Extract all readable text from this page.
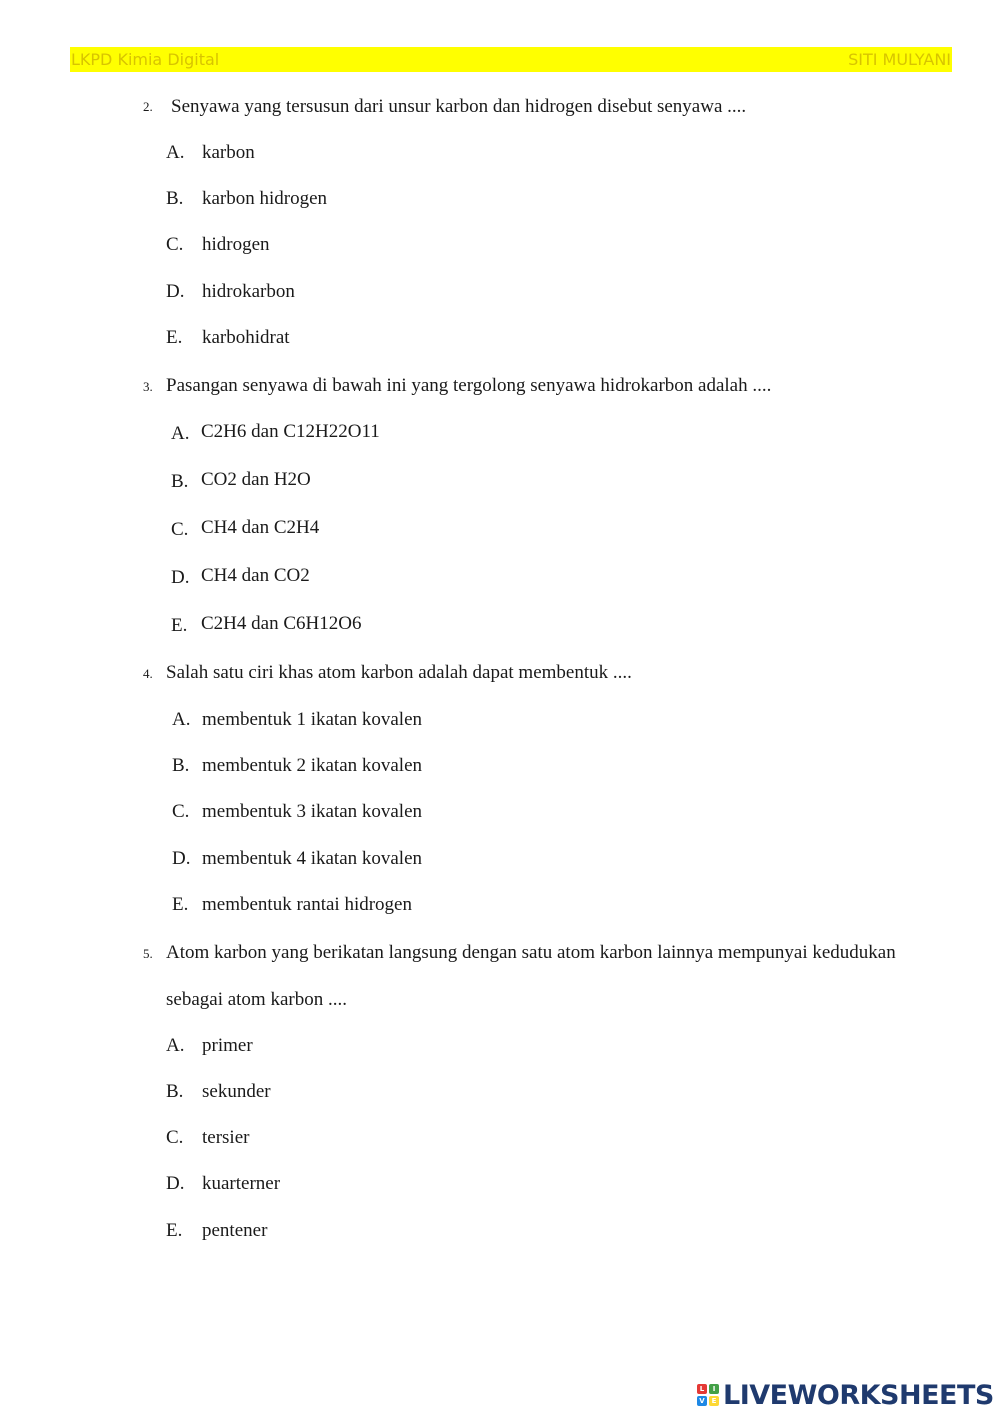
LKPD Kimia Digital	SITI MULYANI
2. Senyawa yang tersusun dari unsur karbon dan hidrogen disebut senyawa ....
A. karbon
B. karbon hidrogen
C. hidrogen
D. hidrokarbon
E. karbohidrat
3. Pasangan senyawa di bawah ini yang tergolong senyawa hidrokarbon adalah ....
A. C2H6 dan C12H22O11
B. CO2 dan H2O
C. CH4 dan C2H4
D. CH4 dan CO2
E. C2H4 dan C6H12O6
4. Salah satu ciri khas atom karbon adalah dapat membentuk ....
A. membentuk 1 ikatan kovalen
B. membentuk 2 ikatan kovalen
C. membentuk 3 ikatan kovalen
D. membentuk 4 ikatan kovalen
E. membentuk rantai hidrogen
5. Atom karbon yang berikatan langsung dengan satu atom karbon lainnya mempunyai kedudukan
sebagai atom karbon ....
A. primer
B. sekunder
C. tersier
D. kuarterner
E. pentener
L	I
V E LIVEWORKSHEETS
